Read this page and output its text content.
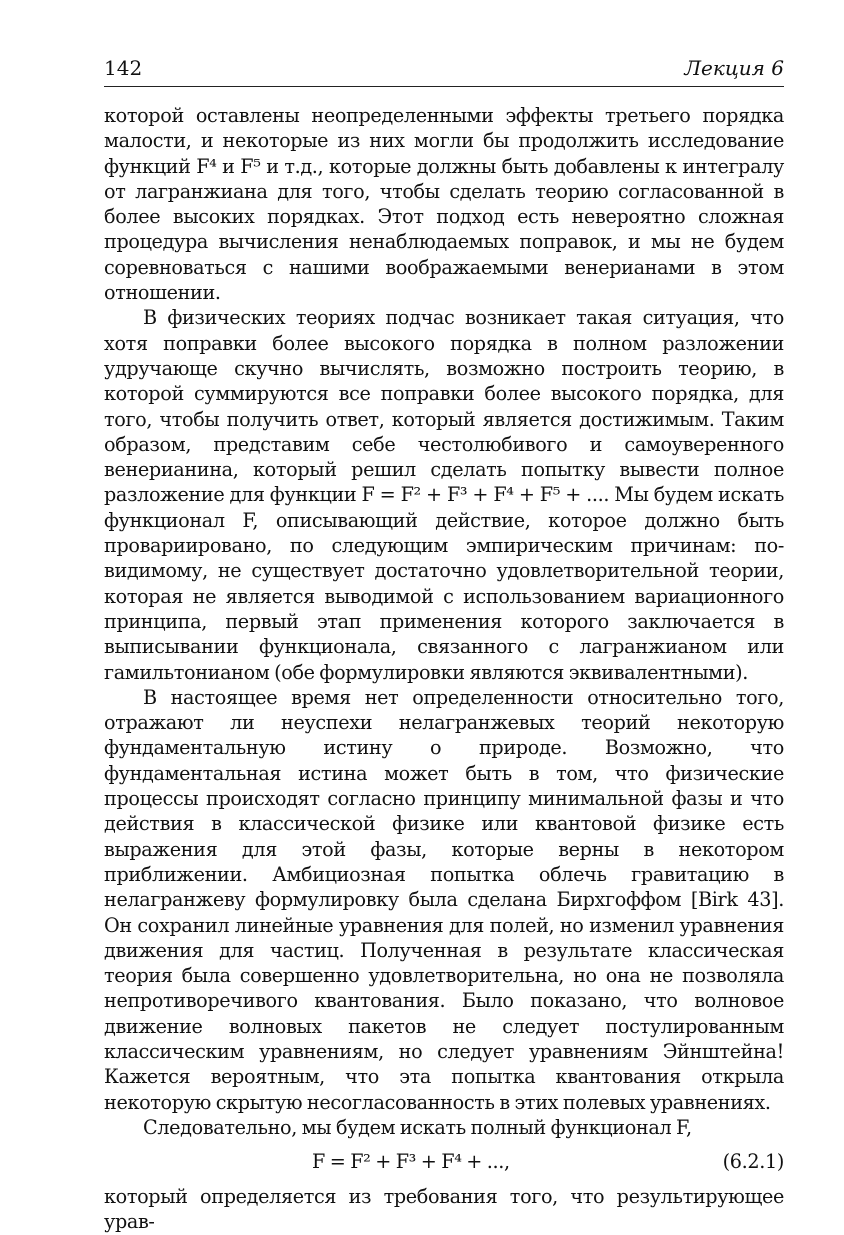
142	Лекция 6

которой оставлены неопределенными эффекты третьего порядка малости, и некоторые из них могли бы продолжить исследование функций F⁴ и F⁵ и т.д., которые должны быть добавлены к интегралу от лагранжиана для того, чтобы сделать теорию согласованной в более высоких порядках. Этот подход есть невероятно сложная процедура вычисления ненаблюдаемых поправок, и мы не будем соревноваться с нашими воображаемыми венерианами в этом отношении.

В физических теориях подчас возникает такая ситуация, что хотя поправки более высокого порядка в полном разложении удручающе скучно вычислять, возможно построить теорию, в которой суммируются все поправки более высокого порядка, для того, чтобы получить ответ, который является достижимым. Таким образом, представим себе честолюбивого и самоуверенного венерианина, который решил сделать попытку вывести полное разложение для функции F = F² + F³ + F⁴ + F⁵ + .... Мы будем искать функционал F, описывающий действие, которое должно быть провариировано, по следующим эмпирическим причинам: по-видимому, не существует достаточно удовлетворительной теории, которая не является выводимой с использованием вариационного принципа, первый этап применения которого заключается в выписывании функционала, связанного с лагранжианом или гамильтонианом (обе формулировки являются эквивалентными).

В настоящее время нет определенности относительно того, отражают ли неуспехи нелагранжевых теорий некоторую фундаментальную истину о природе. Возможно, что фундаментальная истина может быть в том, что физические процессы происходят согласно принципу минимальной фазы и что действия в классической физике или квантовой физике есть выражения для этой фазы, которые верны в некотором приближении. Амбициозная попытка облечь гравитацию в нелагранжеву формулировку была сделана Бирхгоффом [Birk 43]. Он сохранил линейные уравнения для полей, но изменил уравнения движения для частиц. Полученная в результате классическая теория была совершенно удовлетворительна, но она не позволяла непротиворечивого квантования. Было показано, что волновое движение волновых пакетов не следует постулированным классическим уравнениям, но следует уравнениям Эйнштейна! Кажется вероятным, что эта попытка квантования открыла некоторую скрытую несогласованность в этих полевых уравнениях.

Следовательно, мы будем искать полный функционал F,

F = F² + F³ + F⁴ + ...,	(6.2.1)

который определяется из требования того, что результирующее урав-
